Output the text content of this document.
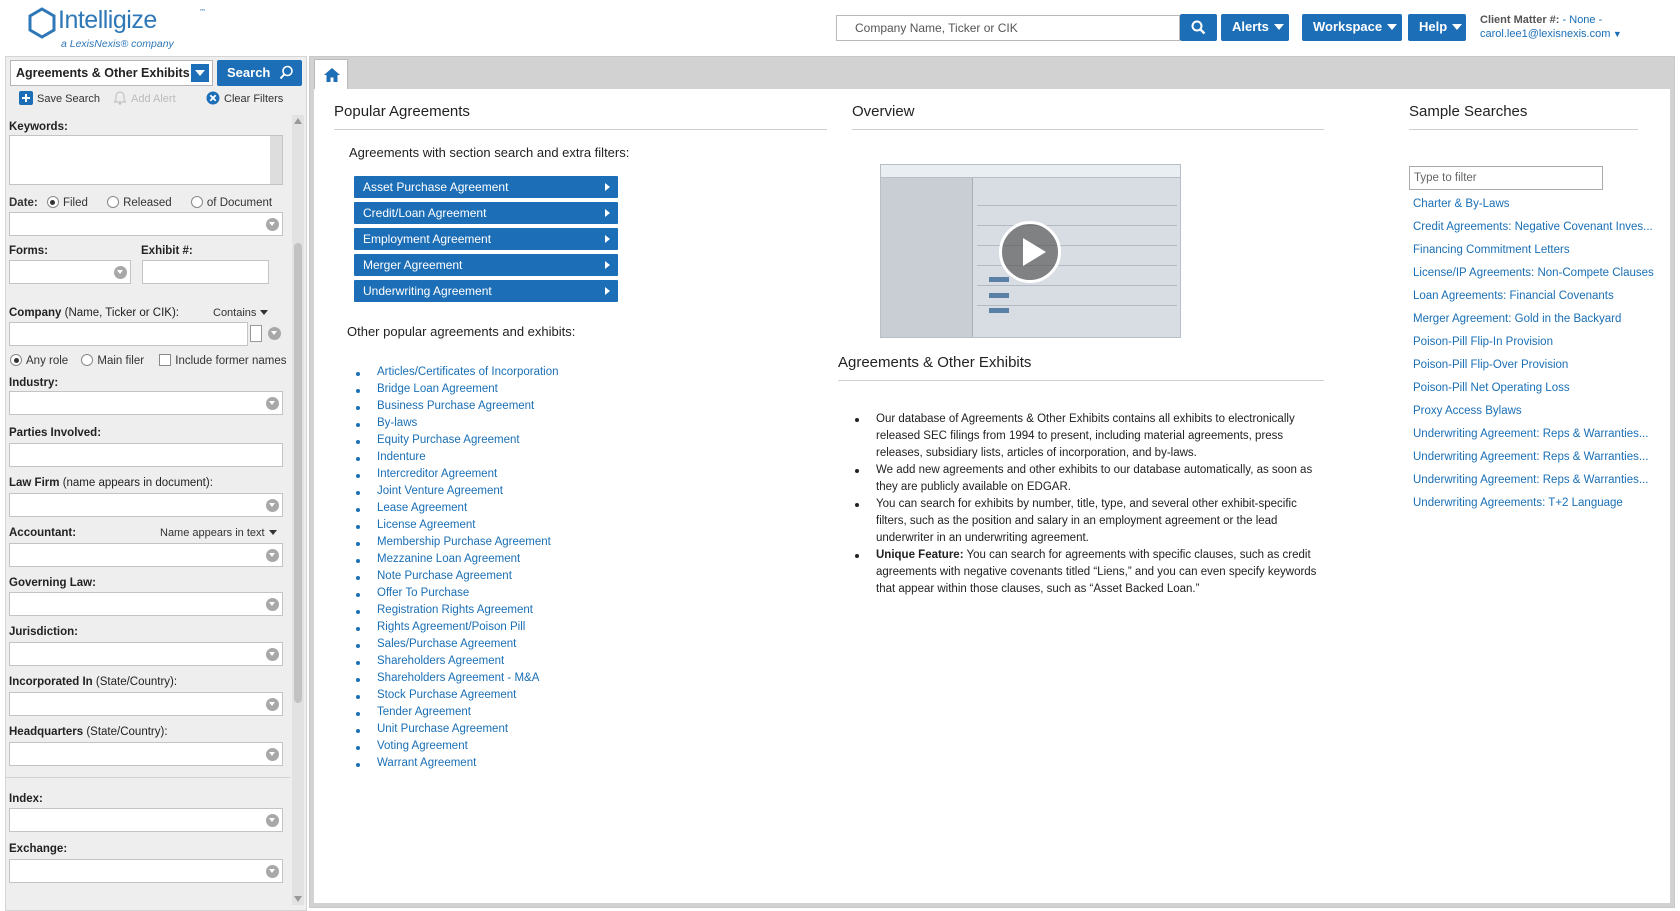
Intelligize	™
a LexisNexis® company
Company Name, Ticker or CIK	Alerts	Workspace	Help	Client Matter #: - None -
carol.lee1@lexisnexis.com ▼
Agreements & Other Exhibits	Search
Save Search	Add Alert	Clear Filters
Keywords:
Date: Filed	Released	of Document
Forms:	Exhibit #:
Company (Name, Ticker or CIK):	Contains
Any role	Main filer	Include former names
Industry:
Parties Involved:
Law Firm (name appears in document):
Accountant:	Name appears in text
Governing Law:
Jurisdiction:
Incorporated In (State/Country):
Headquarters (State/Country):
Index:
Exchange:
Popular Agreements
Agreements with section search and extra filters:
Asset Purchase Agreement
Credit/Loan Agreement
Employment Agreement
Merger Agreement
Underwriting Agreement
Other popular agreements and exhibits:
Articles/Certificates of Incorporation
Bridge Loan Agreement
Business Purchase Agreement
By-laws
Equity Purchase Agreement
Indenture
Intercreditor Agreement
Joint Venture Agreement
Lease Agreement
License Agreement
Membership Purchase Agreement
Mezzanine Loan Agreement
Note Purchase Agreement
Offer To Purchase
Registration Rights Agreement
Rights Agreement/Poison Pill
Sales/Purchase Agreement
Shareholders Agreement
Shareholders Agreement - M&A
Stock Purchase Agreement
Tender Agreement
Unit Purchase Agreement
Voting Agreement
Warrant Agreement
Overview
Agreements & Other Exhibits
Our database of Agreements & Other Exhibits contains all exhibits to electronically released SEC filings from 1994 to present, including material agreements, press releases, subsidiary lists, articles of incorporation, and by-laws.
We add new agreements and other exhibits to our database automatically, as soon as they are publicly available on EDGAR.
You can search for exhibits by number, title, type, and several other exhibit-specific filters, such as the position and salary in an employment agreement or the lead underwriter in an underwriting agreement.
Unique Feature: You can search for agreements with specific clauses, such as credit agreements with negative covenants titled “Liens,” and you can even specify keywords that appear within those clauses, such as “Asset Backed Loan.”
Sample Searches
Type to filter
Charter & By-Laws
Credit Agreements: Negative Covenant Inves...
Financing Commitment Letters
License/IP Agreements: Non-Compete Clauses
Loan Agreements: Financial Covenants
Merger Agreement: Gold in the Backyard
Poison-Pill Flip-In Provision
Poison-Pill Flip-Over Provision
Poison-Pill Net Operating Loss
Proxy Access Bylaws
Underwriting Agreement: Reps & Warranties...
Underwriting Agreement: Reps & Warranties...
Underwriting Agreement: Reps & Warranties...
Underwriting Agreements: T+2 Language
